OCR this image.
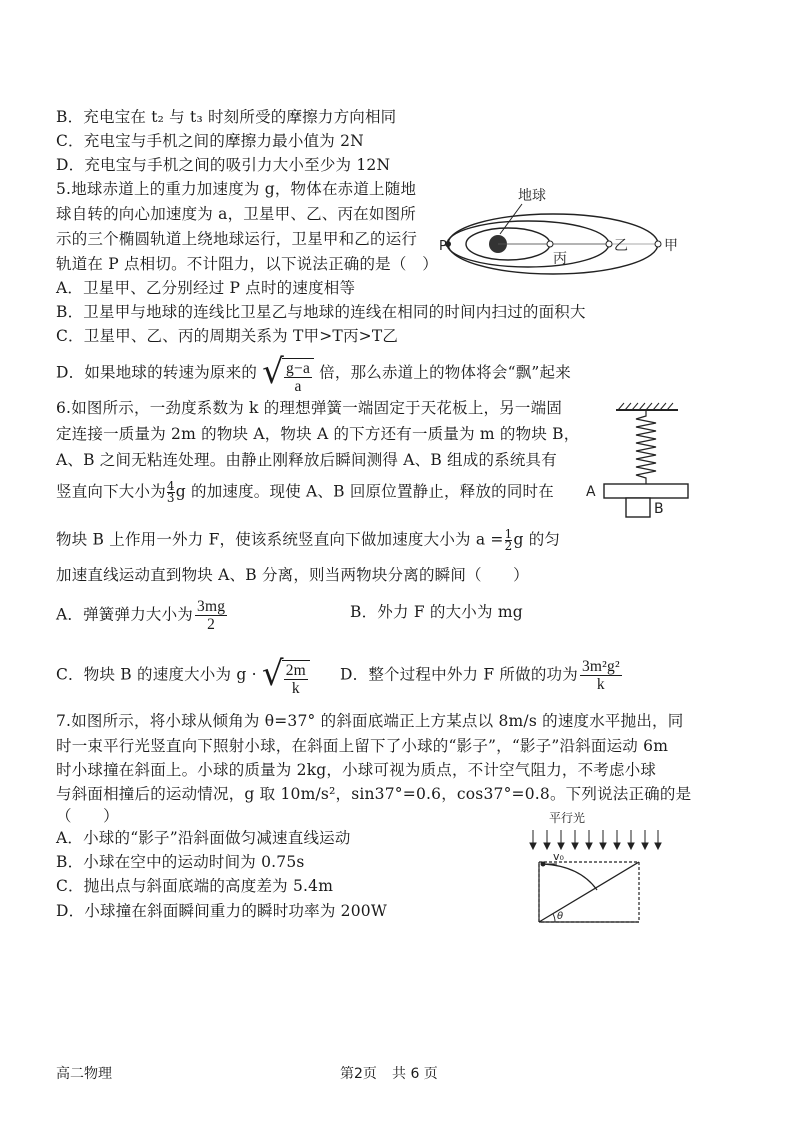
B．充电宝在 t₂ 与 t₃ 时刻所受的摩擦力方向相同
C．充电宝与手机之间的摩擦力最小值为 2N
D．充电宝与手机之间的吸引力大小至少为 12N
5.地球赤道上的重力加速度为 g，物体在赤道上随地
球自转的向心加速度为 a，卫星甲、乙、丙在如图所
示的三个椭圆轨道上绕地球运行，卫星甲和乙的运行
轨道在 P 点相切。不计阻力，以下说法正确的是（　）
A．卫星甲、乙分别经过 P 点时的速度相等
B．卫星甲与地球的连线比卫星乙与地球的连线在相同的时间内扫过的面积大
C．卫星甲、乙、丙的周期关系为 T甲>T丙>T乙
D．如果地球的转速为原来的 √ $\frac{g-a}{a}$ 倍，那么赤道上的物体将会“飘”起来
地球
P
丙
乙	甲
6.如图所示，一劲度系数为 k 的理想弹簧一端固定于天花板上，另一端固
定连接一质量为 2m 的物块 A，物块 A 的下方还有一质量为 m 的物块 B，
A、B 之间无粘连处理。由静止刚释放后瞬间测得 A、B 组成的系统具有
竖直向下大小为 $\frac{4}{3}$ g 的加速度。现使 A、B 回原位置静止，释放的同时在
物块 B 上作用一外力 F，使该系统竖直向下做加速度大小为 $a = \frac{1}{2}$ g 的匀
加速直线运动直到物块 A、B 分离，则当两物块分离的瞬间（　　）
A．弹簧弹力大小为 $\frac{3mg}{2}$	B．外力 F 的大小为 mg
C．物块 B 的速度大小为 g · √ $\frac{2m}{k}$ D．整个过程中外力 F 所做的功为 $\frac{\text{3m²g²}}{k}$
A
B
7.如图所示，将小球从倾角为 θ=37° 的斜面底端正上方某点以 8m/s 的速度水平抛出，同
时一束平行光竖直向下照射小球，在斜面上留下了小球的“影子”，“影子”沿斜面运动 6m
时小球撞在斜面上。小球的质量为 2kg，小球可视为质点，不计空气阻力，不考虑小球
与斜面相撞后的运动情况，g 取 10m/s²，sin37°=0.6，cos37°=0.8。下列说法正确的是
（　　）
A．小球的“影子”沿斜面做匀减速直线运动
B．小球在空中的运动时间为 0.75s
C．抛出点与斜面底端的高度差为 5.4m
D．小球撞在斜面瞬间重力的瞬时功率为 200W
平行光
v₀
θ
高二物理	第2页 共 6 页
